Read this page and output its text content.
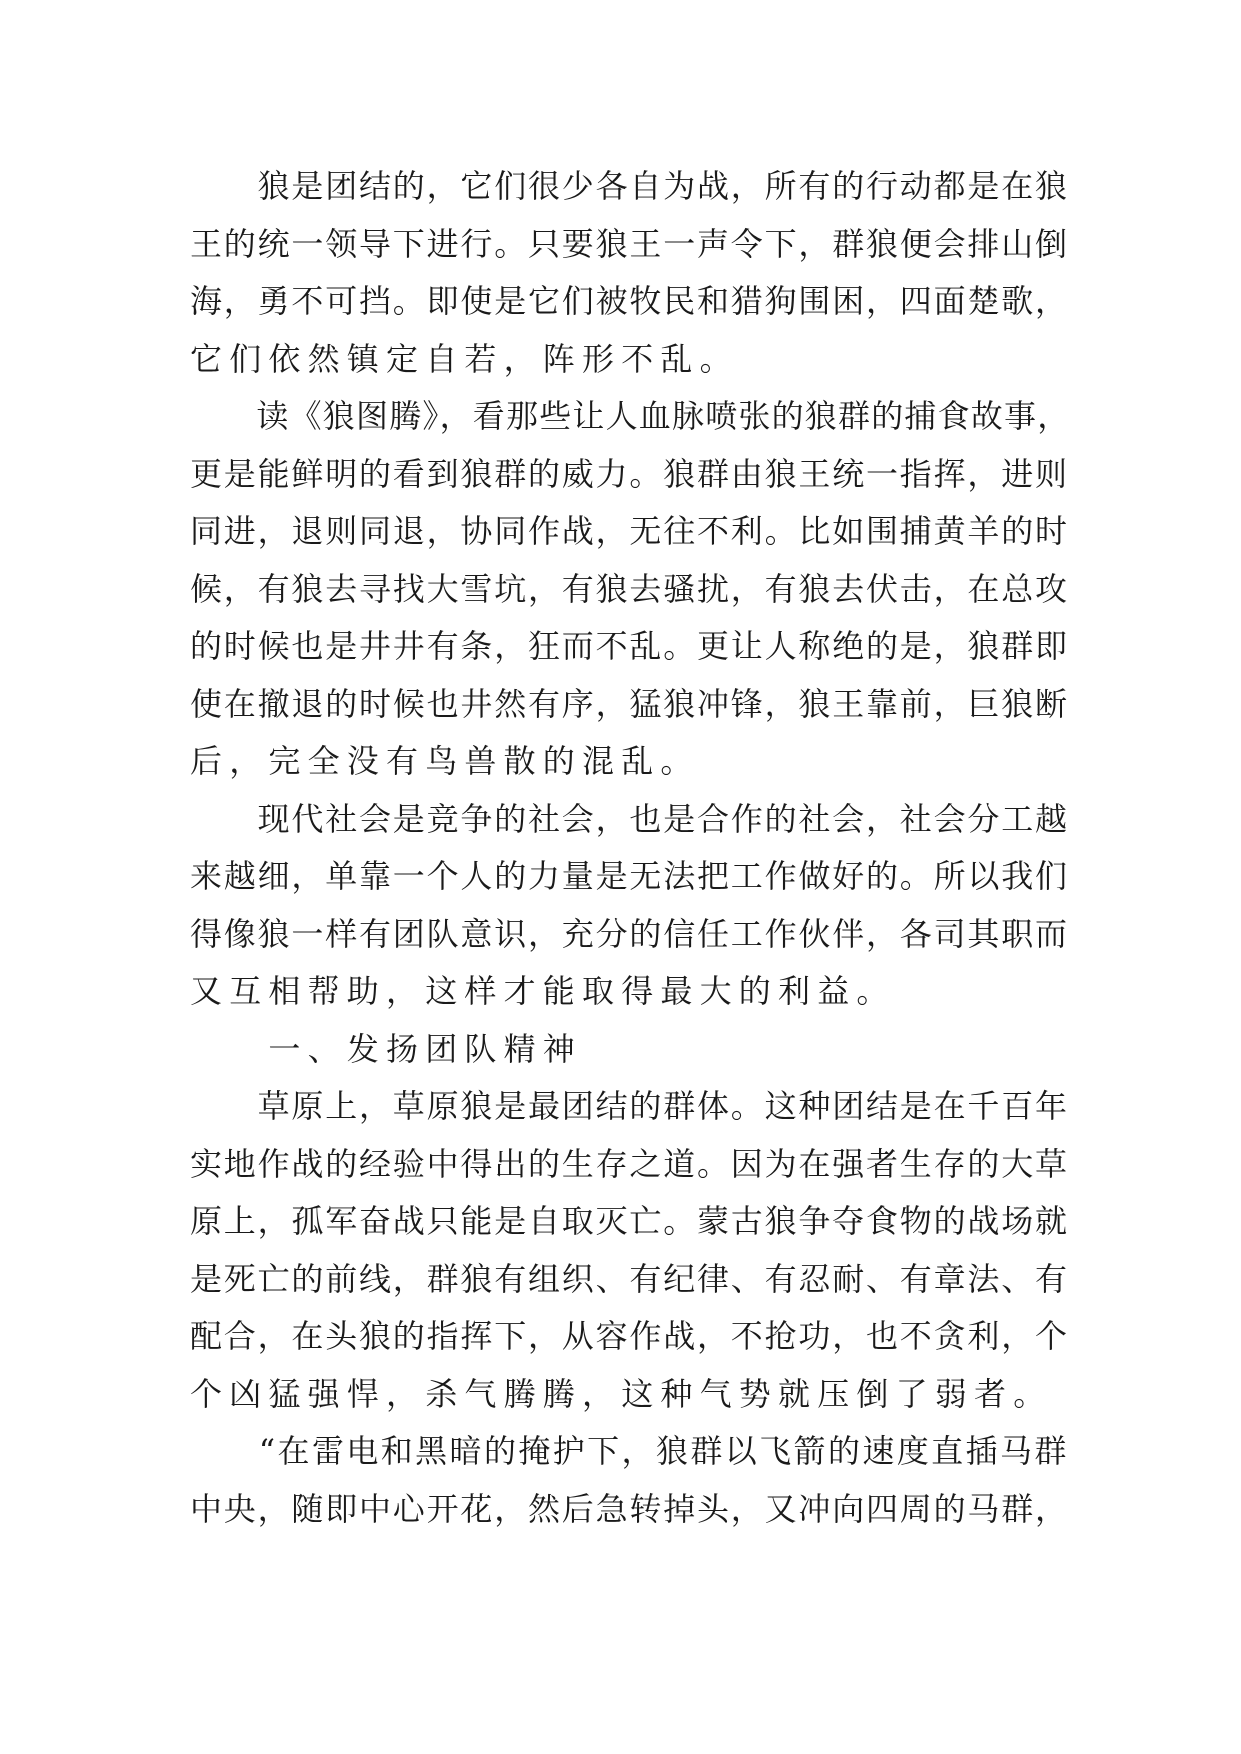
　　狼是团结的，它们很少各自为战，所有的行动都是在狼
王的统一领导下进行。只要狼王一声令下，群狼便会排山倒
海，勇不可挡。即使是它们被牧民和猎狗围困，四面楚歌，
它们依然镇定自若，阵形不乱。
　　读《狼图腾》，看那些让人血脉喷张的狼群的捕食故事，
更是能鲜明的看到狼群的威力。狼群由狼王统一指挥，进则
同进，退则同退，协同作战，无往不利。比如围捕黄羊的时
候，有狼去寻找大雪坑，有狼去骚扰，有狼去伏击，在总攻
的时候也是井井有条，狂而不乱。更让人称绝的是，狼群即
使在撤退的时候也井然有序，猛狼冲锋，狼王靠前，巨狼断
后，完全没有鸟兽散的混乱。
　　现代社会是竞争的社会，也是合作的社会，社会分工越
来越细，单靠一个人的力量是无法把工作做好的。所以我们
得像狼一样有团队意识，充分的信任工作伙伴，各司其职而
又互相帮助，这样才能取得最大的利益。
　　一、发扬团队精神
　　草原上，草原狼是最团结的群体。这种团结是在千百年
实地作战的经验中得出的生存之道。因为在强者生存的大草
原上，孤军奋战只能是自取灭亡。蒙古狼争夺食物的战场就
是死亡的前线，群狼有组织、有纪律、有忍耐、有章法、有
配合，在头狼的指挥下，从容作战，不抢功，也不贪利，个
个凶猛强悍，杀气腾腾，这种气势就压倒了弱者。
　　“在雷电和黑暗的掩护下，狼群以飞箭的速度直插马群
中央，随即中心开花，然后急转掉头，又冲向四周的马群，
